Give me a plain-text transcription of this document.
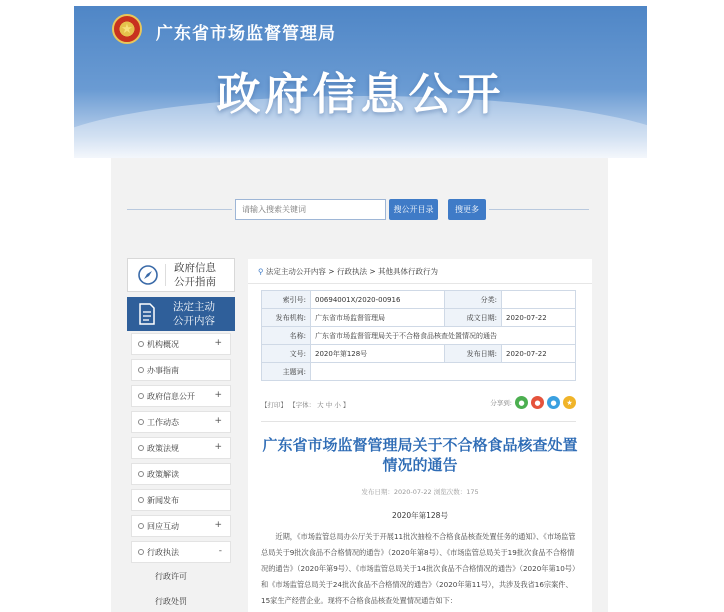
★	广东省市场监督管理局
政府信息公开
请输入搜索关键词
搜公开目录	搜更多
政府信息
公开指南
法定主动
公开内容
机构概况	+
办事指南
政府信息公开 +
工作动态	+
政策法规	+
政策解读
新闻发布
回应互动	+
行政执法	-
行政许可
行政处罚
⚲ 法定主动公开内容 > 行政执法 > 其他具体行政行为
索引号:	00694001X/2020-00916	分类:	
发布机构:	广东省市场监督管理局	成文日期:	2020-07-22
名称:	广东省市场监督管理局关于不合格食品核查处置情况的通告		
文号:	2020年第128号	发布日期:	2020-07-22
主题词:			
【打印】 【字体： 大 中 小 】	分享到: ●	●	●	★
广东省市场监督管理局关于不合格食品核查处置情况的通告
发布日期：2020-07-22 浏览次数：175
2020年第128号
近期，《市场监管总局办公厅关于开展11批次抽检不合格食品核查处置任务的通知》、《市场监管总局关于9批次食品不合格情况的通告》（2020年第8号）、《市场监管总局关于19批次食品不合格情况的通告》（2020年第9号）、《市场监管总局关于14批次食品不合格情况的通告》（2020年第10号）和《市场监管总局关于24批次食品不合格情况的通告》（2020年第11号），共涉及我省16宗案件、15家生产经营企业。现将不合格食品核查处置情况通告如下：
